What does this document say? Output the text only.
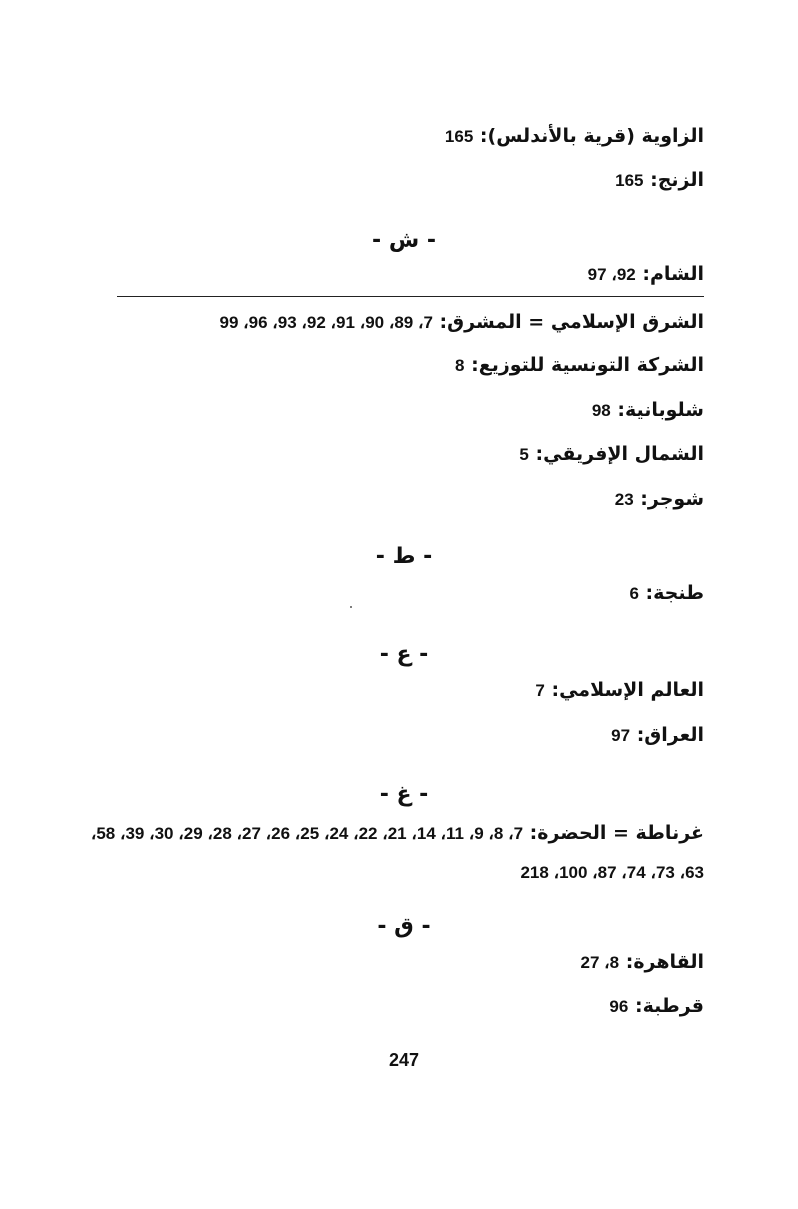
الزاوية (قرية بالأندلس): 165
الزنج: 165
- ش -
الشام: 92، 97
الشرق الإسلامي = المشرق: 7، 89، 90، 91، 92، 93، 96، 99
الشركة التونسية للتوزيع: 8
شلوبانية: 98
الشمال الإفريقي: 5
شوجر: 23
- ط -
طنجة: 6
- ع -
العالم الإسلامي: 7
العراق: 97
- غ -
غرناطة = الحضرة: 7، 8، 9، 11، 14، 21، 22، 24، 25، 26، 27، 28، 29، 30، 39، 58، 63، 73، 74، 87، 100، 218
- ق -
القاهرة: 8، 27
قرطبة: 96
247
